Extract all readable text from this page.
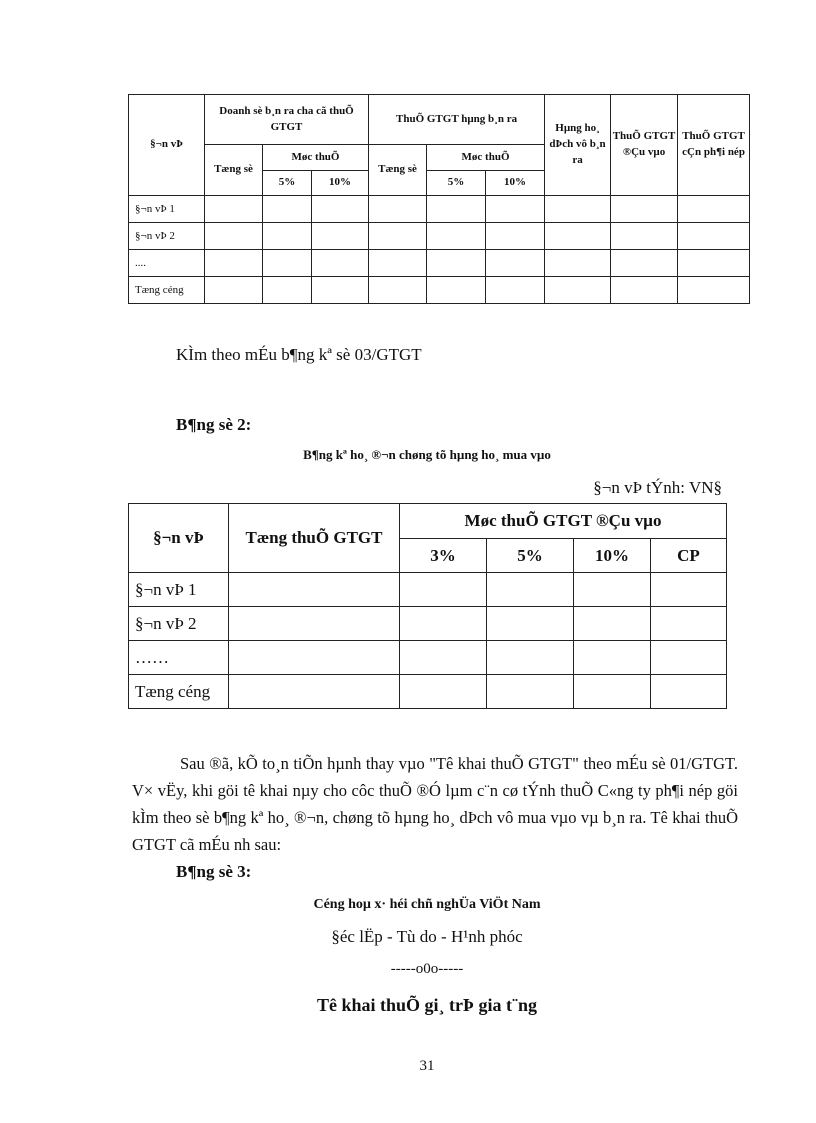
§¬n vÞ	Doanh sè b¸n ra cha cã thuÕ GTGT			ThuÕ GTGT hµng b¸n ra			Hµng ho¸ dÞch vô b¸n ra	ThuÕ GTGT ®Çu vµo	ThuÕ GTGT cÇn ph¶i nép
	Tæng sè	Møc thuÕ		Tæng sè	Møc thuÕ				
		5%	10%		5%	10%			
§¬n vÞ 1									
§¬n vÞ 2									
....									
Tæng céng									
KÌm theo mÉu b¶ng kª sè 03/GTGT
B¶ng sè 2:
B¶ng kª ho¸ ®¬n chøng tõ hµng ho¸ mua vµo
§¬n vÞ tÝnh: VN§
§¬n vÞ	Tæng thuÕ GTGT	Møc thuÕ GTGT ®Çu vµo			
		3%	5%	10%	CP
§¬n vÞ 1					
§¬n vÞ 2					
……					
Tæng céng					
Sau ®ã, kÕ to¸n tiÕn hµnh thay vµo "Tê khai thuÕ GTGT" theo mÉu sè 01/GTGT. V× vËy, khi göi tê khai nµy cho côc thuÕ ®Ó lµm c¨n cø tÝnh thuÕ C«ng ty ph¶i nép göi kÌm theo sè b¶ng kª ho¸ ®¬n, chøng tõ hµng ho¸ dÞch vô mua vµo vµ b¸n ra. Tê khai thuÕ GTGT cã mÉu nh sau:
B¶ng sè 3:
Céng hoµ x· héi chñ nghÜa ViÖt Nam
§éc lËp - Tù do - H¹nh phóc
-----o0o-----
Tê khai thuÕ gi¸ trÞ gia t¨ng
31
